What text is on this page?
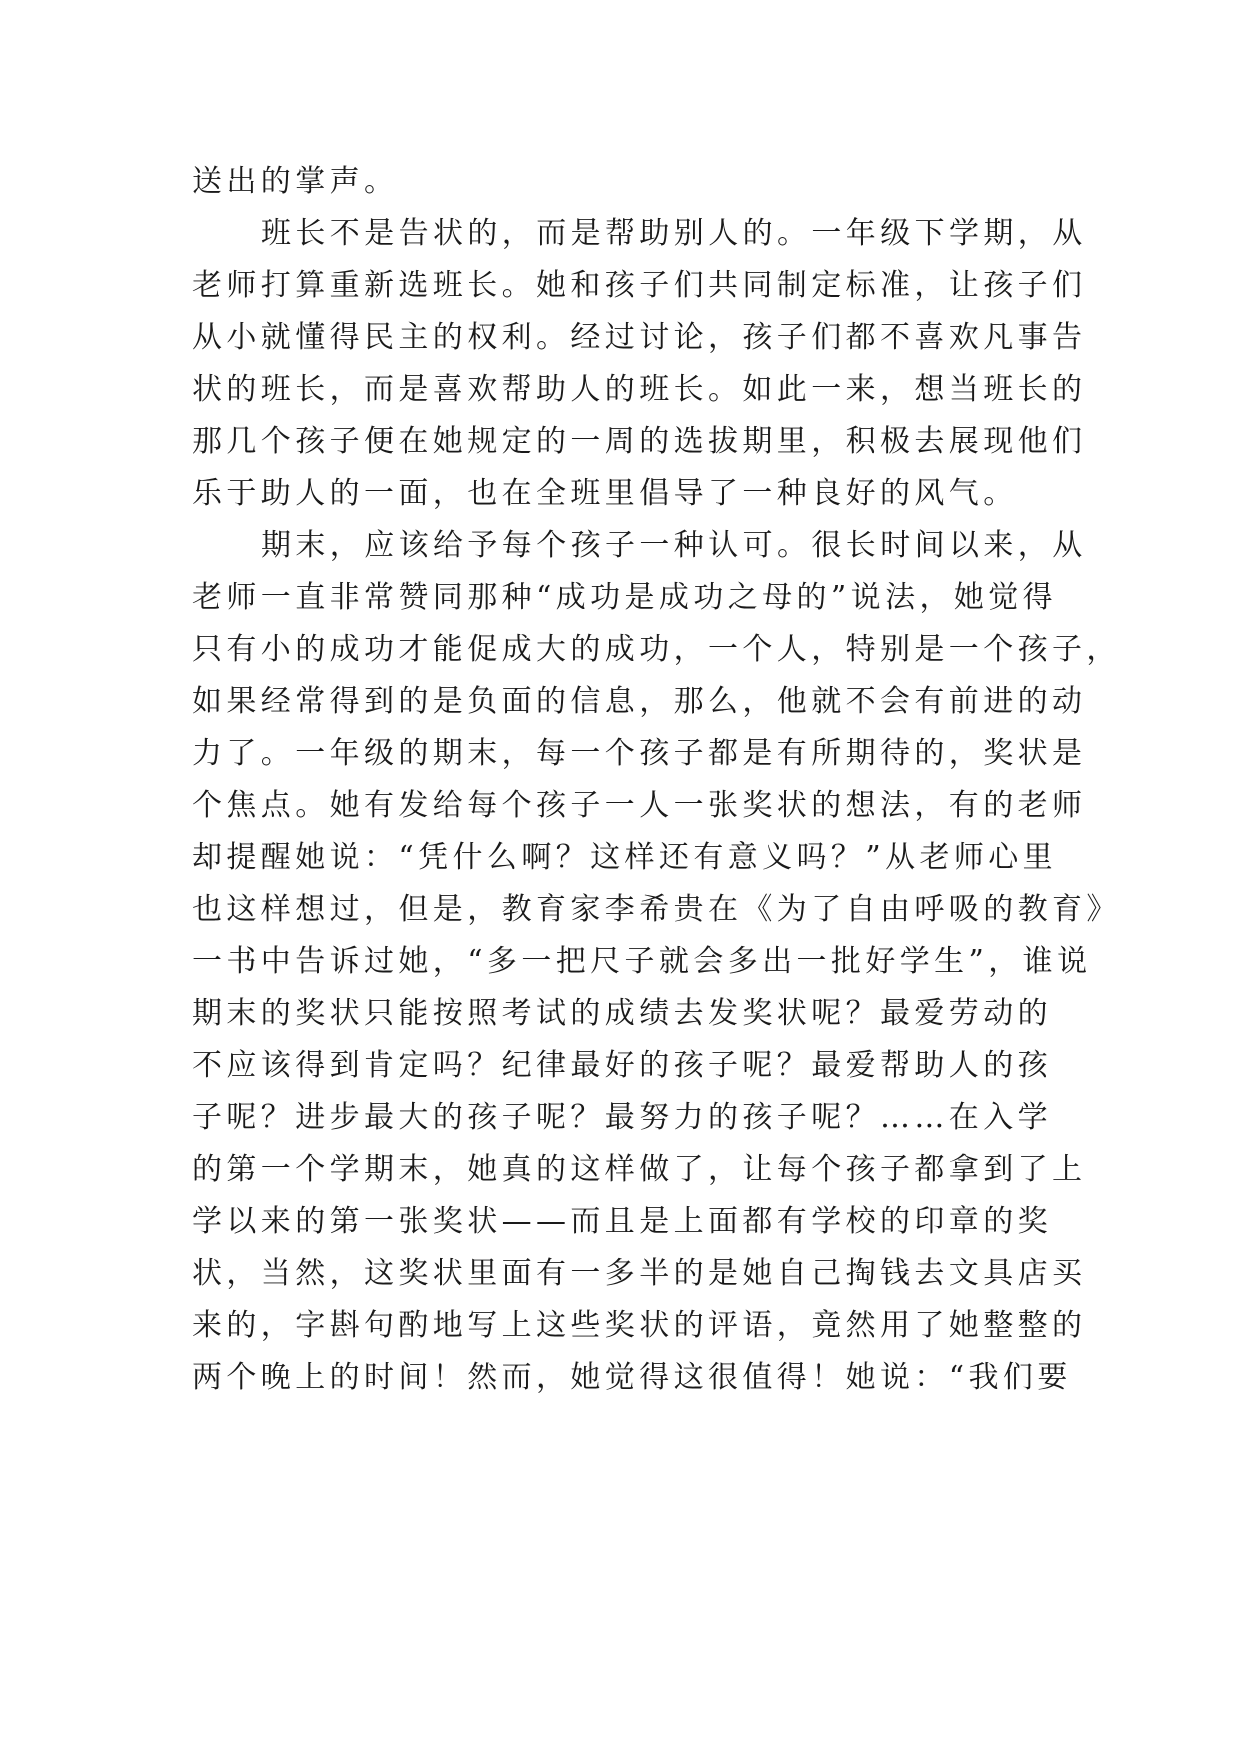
送出的掌声。
班长不是告状的，而是帮助别人的。一年级下学期，从
老师打算重新选班长。她和孩子们共同制定标准，让孩子们
从小就懂得民主的权利。经过讨论，孩子们都不喜欢凡事告
状的班长，而是喜欢帮助人的班长。如此一来，想当班长的
那几个孩子便在她规定的一周的选拔期里，积极去展现他们
乐于助人的一面，也在全班里倡导了一种良好的风气。
期末，应该给予每个孩子一种认可。很长时间以来，从
老师一直非常赞同那种“成功是成功之母的”说法，她觉得
只有小的成功才能促成大的成功，一个人，特别是一个孩子，
如果经常得到的是负面的信息，那么，他就不会有前进的动
力了。一年级的期末，每一个孩子都是有所期待的，奖状是
个焦点。她有发给每个孩子一人一张奖状的想法，有的老师
却提醒她说：“凭什么啊？这样还有意义吗？”从老师心里
也这样想过，但是，教育家李希贵在《为了自由呼吸的教育》
一书中告诉过她，“多一把尺子就会多出一批好学生”，谁说
期末的奖状只能按照考试的成绩去发奖状呢？最爱劳动的
不应该得到肯定吗？纪律最好的孩子呢？最爱帮助人的孩
子呢？进步最大的孩子呢？最努力的孩子呢？……在入学
的第一个学期末，她真的这样做了，让每个孩子都拿到了上
学以来的第一张奖状——而且是上面都有学校的印章的奖
状，当然，这奖状里面有一多半的是她自己掏钱去文具店买
来的，字斟句酌地写上这些奖状的评语，竟然用了她整整的
两个晚上的时间！然而，她觉得这很值得！她说：“我们要
